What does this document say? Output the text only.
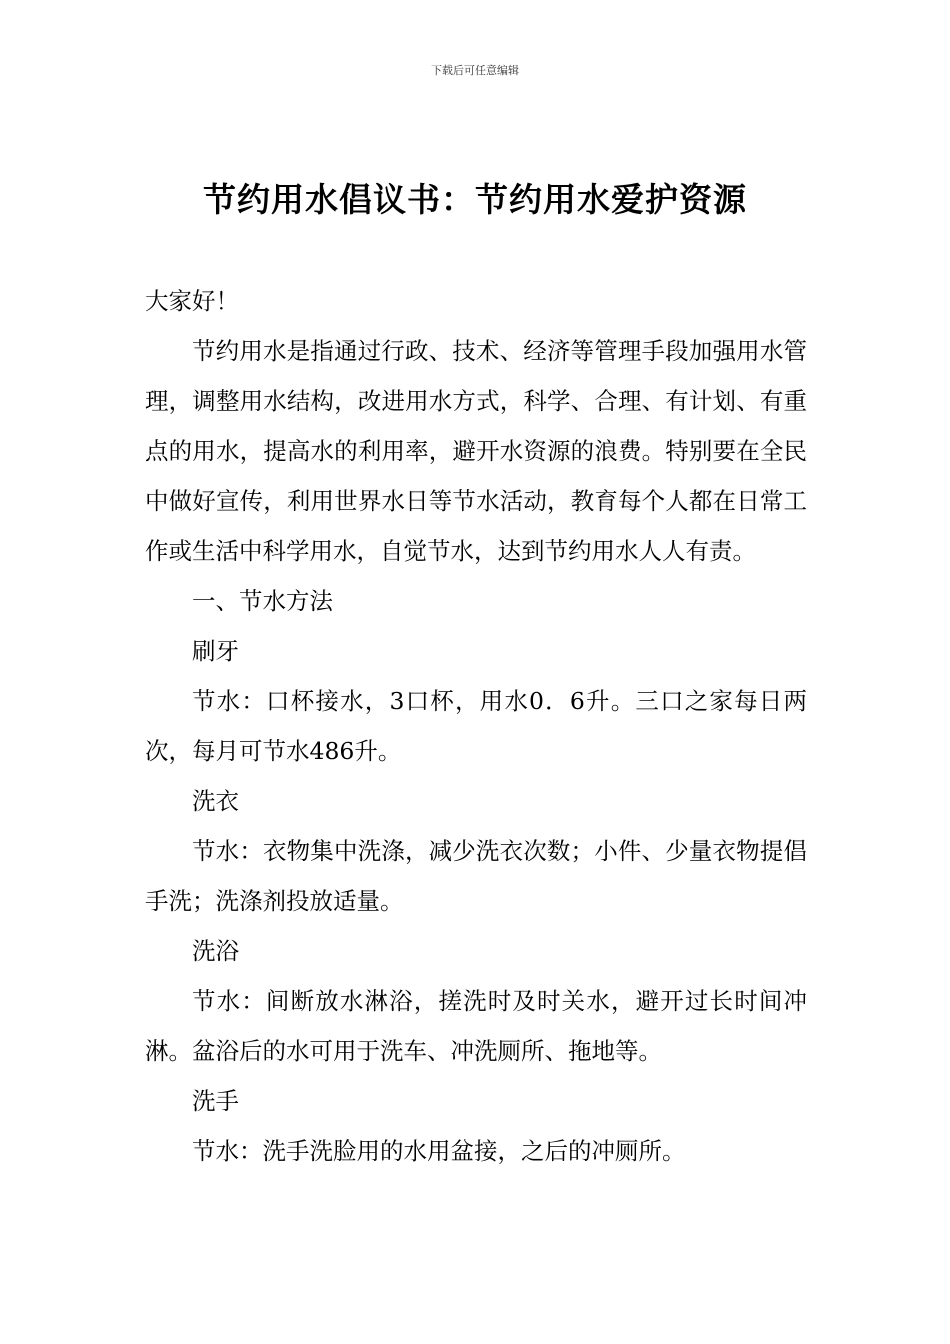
下载后可任意编辑
节约用水倡议书：节约用水爱护资源

大家好！

节约用水是指通过行政、技术、经济等管理手段加强用水管理，调整用水结构，改进用水方式，科学、合理、有计划、有重点的用水，提高水的利用率，避开水资源的浪费。特别要在全民中做好宣传，利用世界水日等节水活动，教育每个人都在日常工作或生活中科学用水，自觉节水，达到节约用水人人有责。

一、节水方法

刷牙

节水：口杯接水，3口杯，用水0．6升。三口之家每日两次，每月可节水486升。

洗衣

节水：衣物集中洗涤，减少洗衣次数；小件、少量衣物提倡手洗；洗涤剂投放适量。

洗浴

节水：间断放水淋浴，搓洗时及时关水，避开过长时间冲淋。盆浴后的水可用于洗车、冲洗厕所、拖地等。

洗手

节水：洗手洗脸用的水用盆接，之后的冲厕所。
